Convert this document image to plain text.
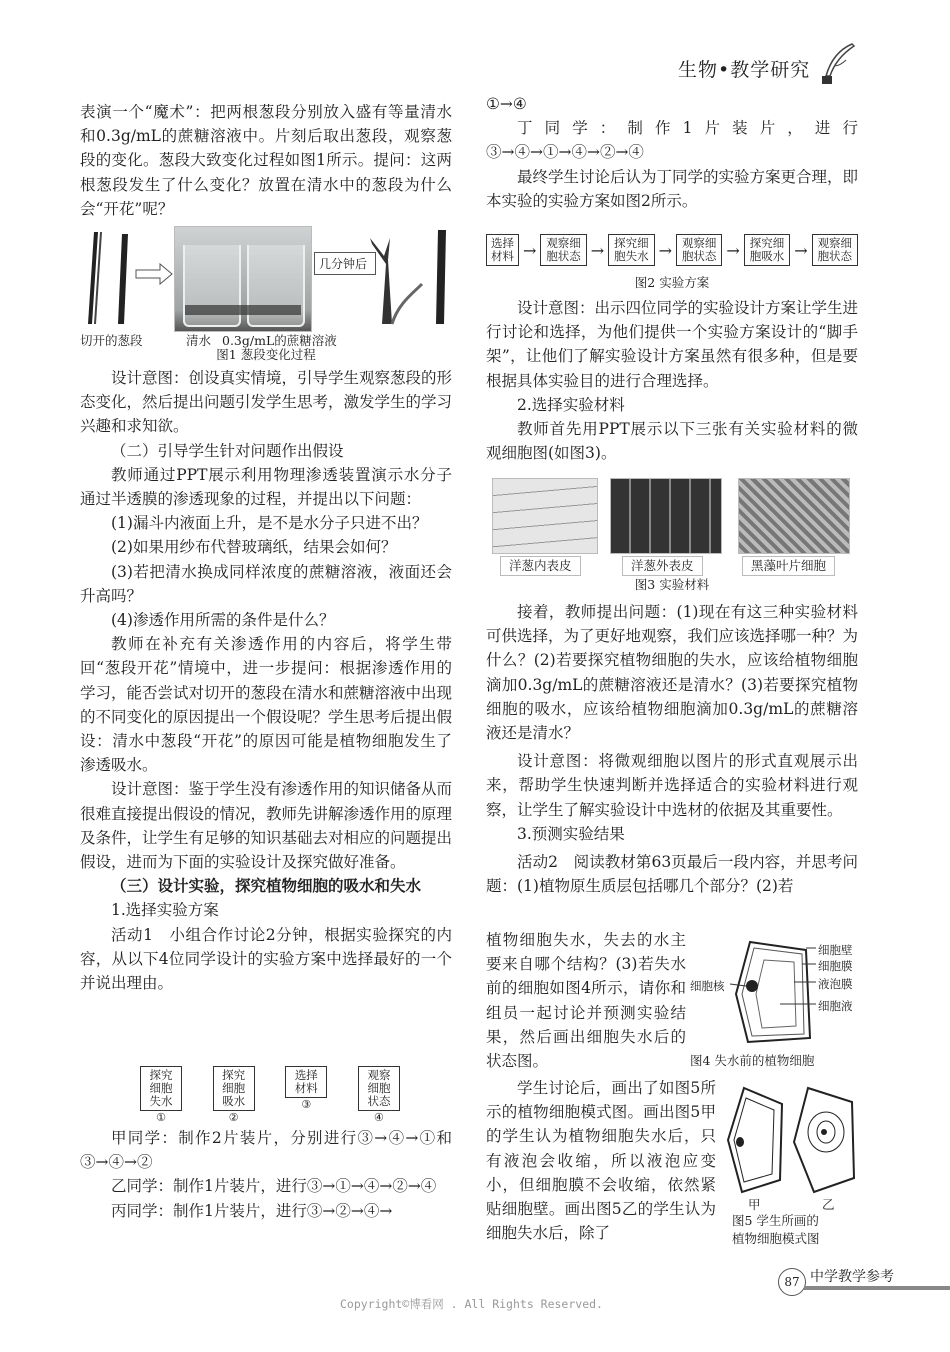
生物•教学研究

表演一个“魔术”：把两根葱段分别放入盛有等量清水和0.3g/mL的蔗糖溶液中。片刻后取出葱段，观察葱段的变化。葱段大致变化过程如图1所示。提问：这两根葱段发生了什么变化？放置在清水中的葱段为什么会“开花”呢？

几分钟后
切开的葱段	清水 0.3g/mL的蔗糖溶液
图1 葱段变化过程

设计意图：创设真实情境，引导学生观察葱段的形态变化，然后提出问题引发学生思考，激发学生的学习兴趣和求知欲。

（二）引导学生针对问题作出假设

教师通过PPT展示利用物理渗透装置演示水分子通过半透膜的渗透现象的过程，并提出以下问题：

(1)漏斗内液面上升，是不是水分子只进不出？

(2)如果用纱布代替玻璃纸，结果会如何？

(3)若把清水换成同样浓度的蔗糖溶液，液面还会升高吗？

(4)渗透作用所需的条件是什么？

教师在补充有关渗透作用的内容后，将学生带回“葱段开花”情境中，进一步提问：根据渗透作用的学习，能否尝试对切开的葱段在清水和蔗糖溶液中出现的不同变化的原因提出一个假设呢？学生思考后提出假设：清水中葱段“开花”的原因可能是植物细胞发生了渗透吸水。

设计意图：鉴于学生没有渗透作用的知识储备从而很难直接提出假设的情况，教师先讲解渗透作用的原理及条件，让学生有足够的知识基础去对相应的问题提出假设，进而为下面的实验设计及探究做好准备。

（三）设计实验，探究植物细胞的吸水和失水

1.选择实验方案

活动1　小组合作讨论2分钟，根据实验探究的内容，从以下4位同学设计的实验方案中选择最好的一个并说出理由。

探究细胞失水
①
探究细胞吸水
②
选择材料
③
观察细胞状态
④

甲同学：制作2片装片，分别进行③→④→①和③→④→②

乙同学：制作1片装片，进行③→①→④→②→④

丙同学：制作1片装片，进行③→②→④→

①→④

丁同学：制作1片装片，进行③→④→①→④→②→④

最终学生讨论后认为丁同学的实验方案更合理，即本实验的实验方案如图2所示。

选择材料 → 观察细胞状态 → 探究细胞失水 → 观察细胞状态 → 探究细胞吸水 → 观察细胞状态
图2 实验方案

设计意图：出示四位同学的实验设计方案让学生进行讨论和选择，为他们提供一个实验方案设计的“脚手架”，让他们了解实验设计方案虽然有很多种，但是要根据具体实验目的进行合理选择。

2.选择实验材料

教师首先用PPT展示以下三张有关实验材料的微观细胞图(如图3)。

洋葱内表皮	洋葱外表皮	黑藻叶片细胞
图3 实验材料

接着，教师提出问题：(1)现在有这三种实验材料可供选择，为了更好地观察，我们应该选择哪一种？为什么？(2)若要探究植物细胞的失水，应该给植物细胞滴加0.3g/mL的蔗糖溶液还是清水？(3)若要探究植物细胞的吸水，应该给植物细胞滴加0.3g/mL的蔗糖溶液还是清水？

设计意图：将微观细胞以图片的形式直观展示出来，帮助学生快速判断并选择适合的实验材料进行观察，让学生了解实验设计中选材的依据及其重要性。

3.预测实验结果

活动2　阅读教材第63页最后一段内容，并思考问题：(1)植物原生质层包括哪几个部分？(2)若

植物细胞失水，失去的水主要来自哪个结构？(3)若失水前的细胞如图4所示，请你和组员一起讨论并预测实验结果，然后画出细胞失水后的状态图。

细胞壁
细胞膜
液泡膜
细胞核
细胞液
图4 失水前的植物细胞

学生讨论后，画出了如图5所示的植物细胞模式图。画出图5甲的学生认为植物细胞失水后，只有液泡会收缩，所以液泡应变小，但细胞膜不会收缩，依然紧贴细胞壁。画出图5乙的学生认为细胞失水后，除了

甲	乙
图5 学生所画的
植物细胞模式图
87 中学教学参考
Copyright©博看网 . All Rights Reserved.
